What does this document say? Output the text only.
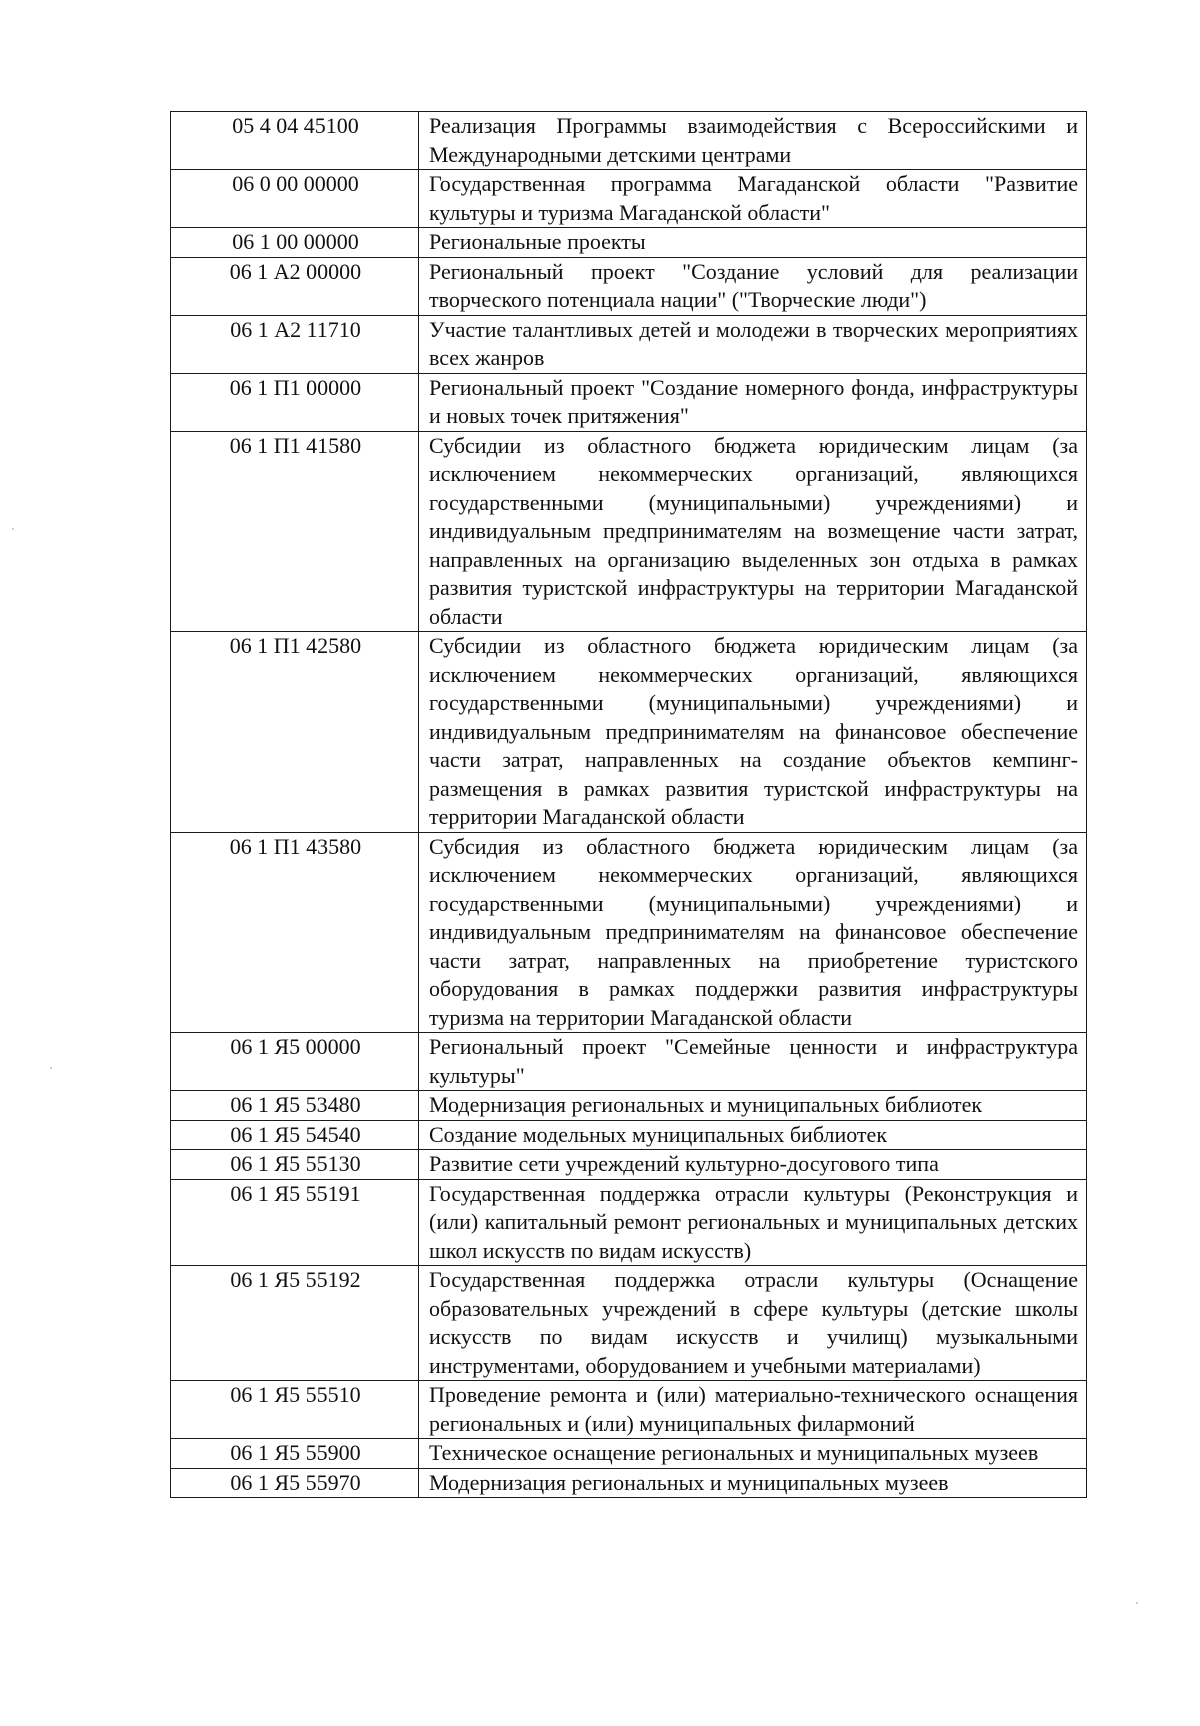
05 4 04 45100	Реализация Программы взаимодействия с Всероссийскими и Международными детскими центрами
06 0 00 00000	Государственная программа Магаданской области "Развитие культуры и туризма Магаданской области"
06 1 00 00000	Региональные проекты
06 1 А2 00000	Региональный проект "Создание условий для реализации творческого потенциала нации" ("Творческие люди")
06 1 А2 11710	Участие талантливых детей и молодежи в творческих мероприятиях всех жанров
06 1 П1 00000	Региональный проект "Создание номерного фонда, инфраструктуры и новых точек притяжения"
06 1 П1 41580	Субсидии из областного бюджета юридическим лицам (за исключением некоммерческих организаций, являющихся государственными (муниципальными) учреждениями) и индивидуальным предпринимателям на возмещение части затрат, направленных на организацию выделенных зон отдыха в рамках развития туристской инфраструктуры на территории Магаданской области
06 1 П1 42580	Субсидии из областного бюджета юридическим лицам (за исключением некоммерческих организаций, являющихся государственными (муниципальными) учреждениями) и индивидуальным предпринимателям на финансовое обеспечение части затрат, направленных на создание объектов кемпинг-размещения в рамках развития туристской инфраструктуры на территории Магаданской области
06 1 П1 43580	Субсидия из областного бюджета юридическим лицам (за исключением некоммерческих организаций, являющихся государственными (муниципальными) учреждениями) и индивидуальным предпринимателям на финансовое обеспечение части затрат, направленных на приобретение туристского оборудования в рамках поддержки развития инфраструктуры туризма на территории Магаданской области
06 1 Я5 00000	Региональный проект "Семейные ценности и инфраструктура культуры"
06 1 Я5 53480	Модернизация региональных и муниципальных библиотек
06 1 Я5 54540	Создание модельных муниципальных библиотек
06 1 Я5 55130	Развитие сети учреждений культурно-досугового типа
06 1 Я5 55191	Государственная поддержка отрасли культуры (Реконструкция и (или) капитальный ремонт региональных и муниципальных детских школ искусств по видам искусств)
06 1 Я5 55192	Государственная поддержка отрасли культуры (Оснащение образовательных учреждений в сфере культуры (детские школы искусств по видам искусств и училищ) музыкальными инструментами, оборудованием и учебными материалами)
06 1 Я5 55510	Проведение ремонта и (или) материально-технического оснащения региональных и (или) муниципальных филармоний
06 1 Я5 55900	Техническое оснащение региональных и муниципальных музеев
06 1 Я5 55970	Модернизация региональных и муниципальных музеев
